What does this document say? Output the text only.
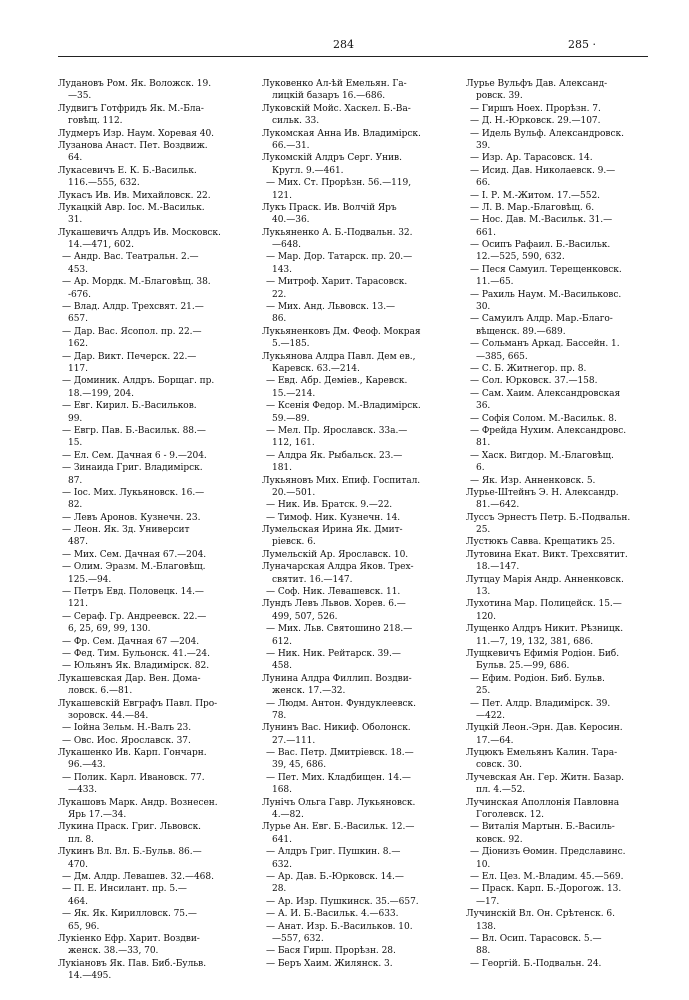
284	285 ·
Лудановъ Ром. Як. Воложск. 19.
—35.
Лудвигъ Готфридъ Як. М.-Бла-
говѣщ. 112.
Лудмеръ Изр. Наум. Хоревая 40.
Лузанова Анаст. Пет. Воздвиж.
64.
Лукасевичъ Е. К. Б.-Васильк.
116.—555, 632.
Лукасъ Ив. Ив. Михайловск. 22.
Лукацкій Авр. Іос. М.-Васильк.
31.
Лукашевичъ Алдръ Ив. Московск.
14.—471, 602.
— Андр. Вас. Театральн. 2.—
453.
— Ар. Мордк. М.-Благовѣщ. 38.
-676.
— Влад. Алдр. Трехсвят. 21.—
657.
— Дар. Вас. Ясопол. пр. 22.—
162.
— Дар. Викт. Печерск. 22.—
117.
— Доминик. Алдръ. Борщаг. пр.
18.—199, 204.
— Евг. Кирил. Б.-Васильков.
99.
— Евгр. Пав. Б.-Васильк. 88.—
15.
— Ел. Сем. Дачная 6 - 9.—204.
— Зинаида Григ. Владимірск.
87.
— Іос. Мих. Лукьяновск. 16.—
82.
— Левъ Аронов. Кузнечн. 23.
— Леон. Як. Зд. Университ
487.
— Мих. Сем. Дачная 67.—204.
— Олим. Эразм. М.-Благовѣщ.
125.—94.
— Петръ Евд. Половецк. 14.—
121.
— Сераф. Гр. Андреевск. 22.—
6, 25, 69, 99, 130.
— Фр. Сем. Дачная 67 —204.
— Фед. Тим. Бульонск. 41.—24.
— Юльянъ Як. Владимірск. 82.
Лукашевская Дар. Вен. Дома-
ловск. 6.—81.
Лукашевскій Евграфъ Павл. Про-
зоровск. 44.—84.
— Іойна Зельм. Н.-Валъ 23.
— Овс. Иос. Ярославск. 37.
Лукашенко Ив. Карп. Гончарн.
96.—43.
— Полик. Карл. Ивановск. 77.
—433.
Лукашовъ Марк. Андр. Вознесен.
Ярь 17.—34.
Лукина Праск. Григ. Львовск.
пл. 8.
Лукинъ Вл. Вл. Б.-Бульв. 86.—
470.
— Дм. Алдр. Левашев. 32.—468.
— П. Е. Инсилант. пр. 5.—
464.
— Як. Як. Кирилловск. 75.—
65, 96.
Лукіенко Ефр. Харит. Воздви-
женск. 38.—33, 70.
Лукіановъ Як. Пав. Биб.-Бульв.
14.—495.
Луковенко Ал-ѣй Емельян. Га-
лицкій базаръ 16.—686.
Луковскій Мойс. Хаскел. Б.-Ва-
сильк. 33.
Лукомская Анна Ив. Владимірск.
66.—31.
Лукомскій Алдръ Серг. Унив.
Кругл. 9.—461.
— Мих. Ст. Прорѣзн. 56.—119,
121.
Лукъ Праск. Ив. Волчій Яръ
40.—36.
Лукьяненко А. Б.-Подвальн. 32.
—648.
— Мар. Дор. Татарск. пр. 20.—
143.
— Митроф. Харит. Тарасовск.
22.
— Мих. Анд. Львовск. 13.—
86.
Лукьяненковъ Дм. Феоф. Мокрая
5.—185.
Лукьянова Алдра Павл. Дем ев.,
Каревск. 63.—214.
— Евд. Абр. Деміев., Каревск.
15.—214.
— Ксенія Федор. М.-Владимірск.
59.—89.
— Мел. Пр. Ярославск. 33а.—
112, 161.
— Алдра Як. Рыбальск. 23.—
181.
Лукьяновъ Мих. Епиф. Госпитал.
20.—501.
— Ник. Ив. Братск. 9.—22.
— Тимоф. Ник. Кузнечн. 14.
Лумельская Ирина Як. Дмит-
ріевск. 6.
Лумельскій Ар. Ярославск. 10.
Луначарская Алдра Яков. Трех-
святит. 16.—147.
— Соф. Ник. Левашевск. 11.
Лундъ Левъ Львов. Хорев. 6.—
499, 507, 526.
— Мих. Льв. Святошино 218.—
612.
— Ник. Ник. Рейтарск. 39.—
458.
Лунина Алдра Филлип. Воздви-
женск. 17.—32.
— Людм. Антон. Фундуклеевск.
78.
Лунинъ Вас. Никиф. Оболонск.
27.—111.
— Вас. Петр. Дмитріевск. 18.—
39, 45, 686.
— Пет. Мих. Кладбищен. 14.—
168.
Лунічъ Ольга Гавр. Лукьяновск.
4.—82.
Лурье Ан. Евг. Б.-Васильк. 12.—
641.
— Алдръ Григ. Пушкин. 8.—
632.
— Ар. Дав. Б.-Юрковск. 14.—
28.
— Ар. Изр. Пушкинск. 35.—657.
— А. И. Б.-Васильк. 4.—633.
— Анат. Изр. Б.-Васильков. 10.
—557, 632.
— Бася Гирш. Прорѣзн. 28.
— Беръ Хаим. Жилянск. 3.
Лурье Вульфъ Дав. Александ-
ровск. 39.
— Гиршъ Ноех. Прорѣзн. 7.
— Д. Н.-Юрковск. 29.—107.
— Идель Вульф. Александровск.
39.
— Изр. Ар. Тарасовск. 14.
— Исид. Дав. Николаевск. 9.—
66.
— І. Р. М.-Житом. 17.—552.
— Л. В. Мар.-Благовѣщ. 6.
— Нос. Дав. М.-Васильк. 31.—
661.
— Осипъ Рафаил. Б.-Васильк.
12.—525, 590, 632.
— Песя Самуил. Терещенковск.
11.—65.
— Рахиль Наум. М.-Васильковс.
30.
— Самуилъ Алдр. Мар.-Благо-
вѣщенск. 89.—689.
— Сольманъ Аркад. Бассейн. 1.
—385, 665.
— С. Б. Житнегор. пр. 8.
— Сол. Юрковск. 37.—158.
— Сам. Хаим. Александровская
36.
— Софія Солом. М.-Васильк. 8.
— Фрейда Нухим. Александровс.
81.
— Хаск. Вигдор. М.-Благовѣщ.
6.
— Як. Изр. Анненковск. 5.
Лурье-Штейнъ Э. Н. Александр.
81.—642.
Луссъ Эрнестъ Петр. Б.-Подвальн.
25.
Лустюкъ Савва. Крещатикъ 25.
Лутовина Екат. Викт. Трехсвятит.
18.—147.
Лутцау Марія Андр. Анненковск.
13.
Лухотина Мар. Полицейск. 15.—
120.
Лущенко Алдръ Никит. Рѣзницк.
11.—7, 19, 132, 381, 686.
Лущкевичъ Ефимія Родіон. Биб.
Бульв. 25.—99, 686.
— Ефим. Родіон. Биб. Бульв.
25.
— Пет. Алдр. Владимірск. 39.
—422.
Луцкій Леон.-Эрн. Дав. Керосин.
17.—64.
Луцюкъ Емельянъ Калин. Тара-
совск. 30.
Лучевская Ан. Гер. Житн. Базар.
пл. 4.—52.
Лучинская Аполлонія Павловна
Гоголевск. 12.
— Виталія Мартын. Б.-Василь-
ковск. 92.
— Діонизъ Ѳомин. Предславинс.
10.
— Ел. Цез. М.-Владим. 45.—569.
— Праск. Карп. Б.-Дорогож. 13.
—17.
Лучинскій Вл. Он. Срѣтенск. 6.
138.
— Вл. Осип. Тарасовск. 5.—
88.
— Георгій. Б.-Подвальн. 24.
